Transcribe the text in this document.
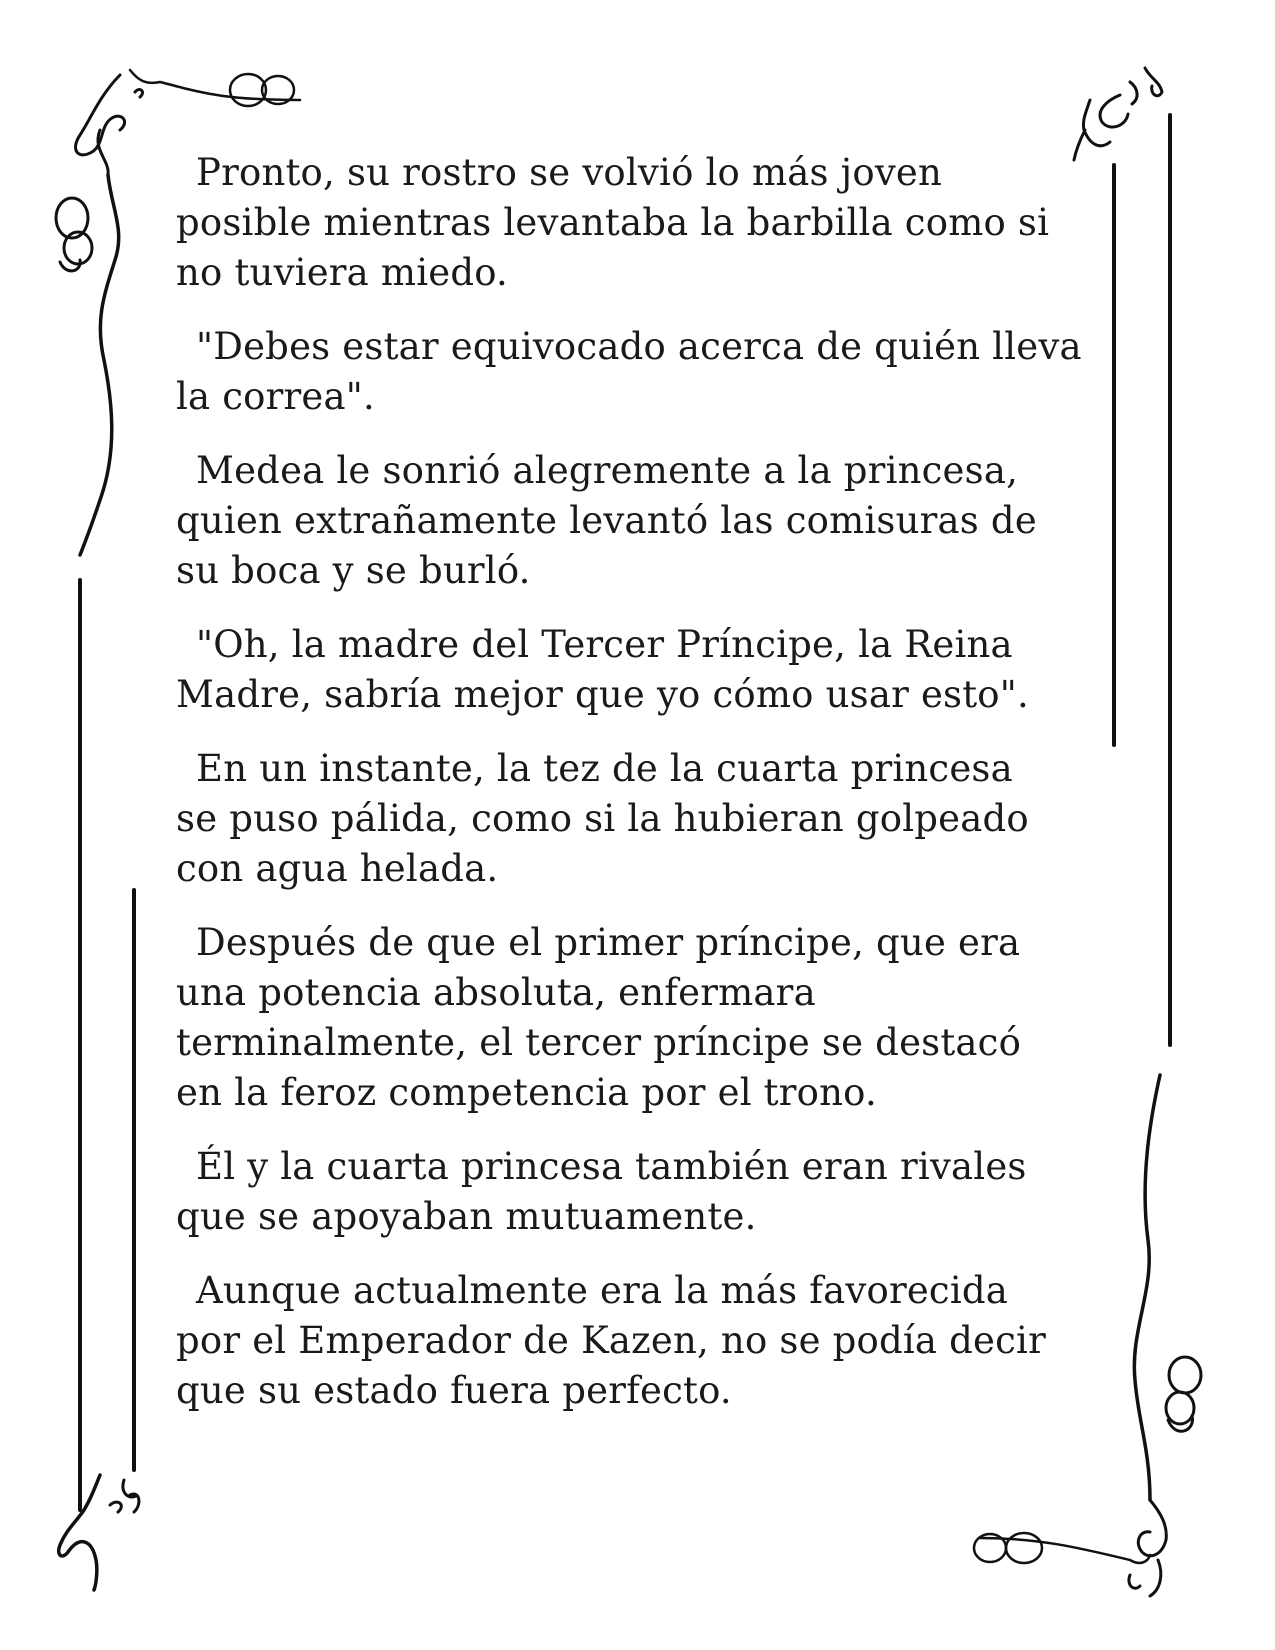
Pronto, su rostro se volvió lo más joven
posible mientras levantaba la barbilla como si
no tuviera miedo.

"Debes estar equivocado acerca de quién lleva
la correa".

Medea le sonrió alegremente a la princesa,
quien extrañamente levantó las comisuras de
su boca y se burló.

"Oh, la madre del Tercer Príncipe, la Reina
Madre, sabría mejor que yo cómo usar esto".

En un instante, la tez de la cuarta princesa
se puso pálida, como si la hubieran golpeado
con agua helada.

Después de que el primer príncipe, que era
una potencia absoluta, enfermara
terminalmente, el tercer príncipe se destacó
en la feroz competencia por el trono.

Él y la cuarta princesa también eran rivales
que se apoyaban mutuamente.

Aunque actualmente era la más favorecida
por el Emperador de Kazen, no se podía decir
que su estado fuera perfecto.
